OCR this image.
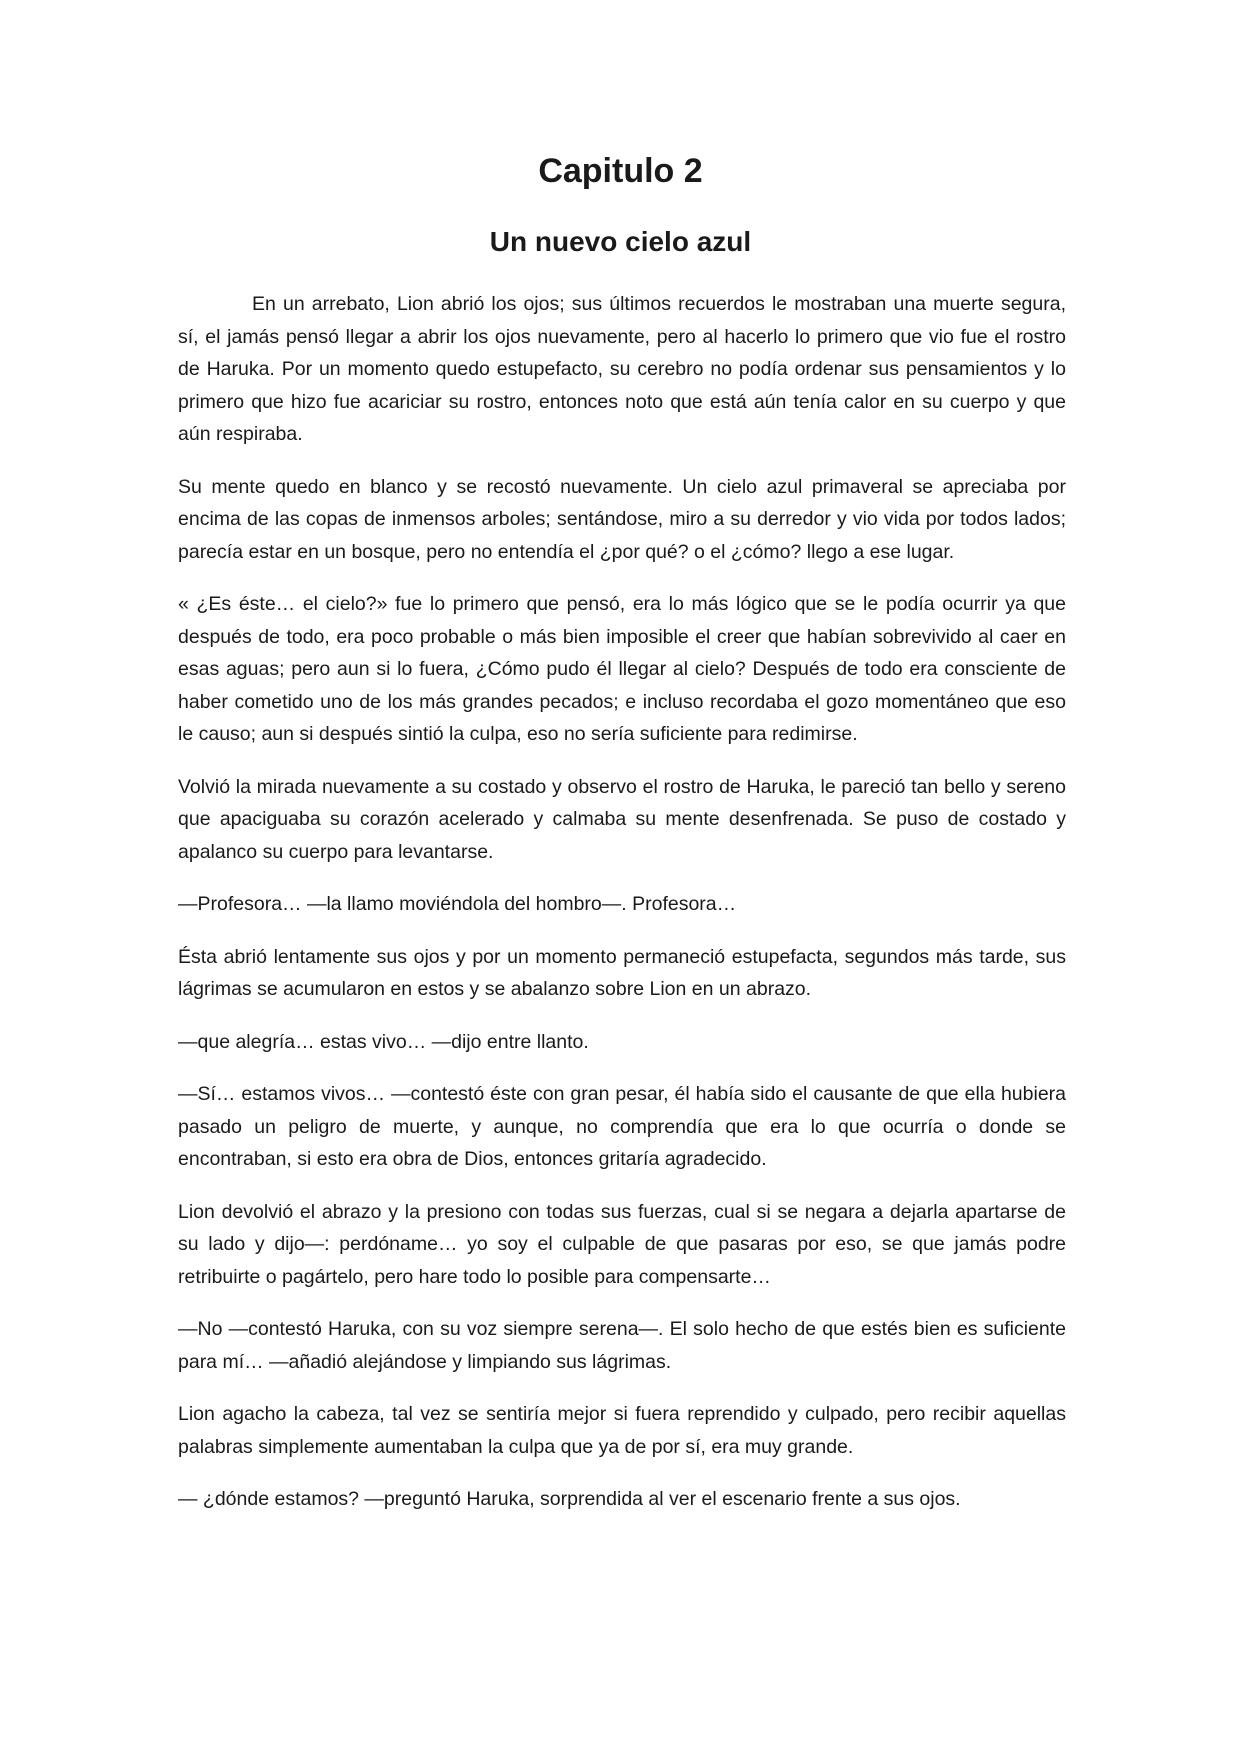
Capitulo 2
Un nuevo cielo azul

En un arrebato, Lion abrió los ojos; sus últimos recuerdos le mostraban una muerte segura, sí, el jamás pensó llegar a abrir los ojos nuevamente, pero al hacerlo lo primero que vio fue el rostro de Haruka. Por un momento quedo estupefacto, su cerebro no podía ordenar sus pensamientos y lo primero que hizo fue acariciar su rostro, entonces noto que está aún tenía calor en su cuerpo y que aún respiraba.

Su mente quedo en blanco y se recostó nuevamente. Un cielo azul primaveral se apreciaba por encima de las copas de inmensos arboles; sentándose, miro a su derredor y vio vida por todos lados; parecía estar en un bosque, pero no entendía el ¿por qué? o el ¿cómo? llego a ese lugar.

« ¿Es éste… el cielo?» fue lo primero que pensó, era lo más lógico que se le podía ocurrir ya que después de todo, era poco probable o más bien imposible el creer que habían sobrevivido al caer en esas aguas; pero aun si lo fuera, ¿Cómo pudo él llegar al cielo? Después de todo era consciente de haber cometido uno de los más grandes pecados; e incluso recordaba el gozo momentáneo que eso le causo; aun si después sintió la culpa, eso no sería suficiente para redimirse.

Volvió la mirada nuevamente a su costado y observo el rostro de Haruka, le pareció tan bello y sereno que apaciguaba su corazón acelerado y calmaba su mente desenfrenada. Se puso de costado y apalanco su cuerpo para levantarse.

—Profesora… —la llamo moviéndola del hombro—. Profesora…

Ésta abrió lentamente sus ojos y por un momento permaneció estupefacta, segundos más tarde, sus lágrimas se acumularon en estos y se abalanzo sobre Lion en un abrazo.

—que alegría… estas vivo… —dijo entre llanto.

—Sí… estamos vivos… —contestó éste con gran pesar, él había sido el causante de que ella hubiera pasado un peligro de muerte, y aunque, no comprendía que era lo que ocurría o donde se encontraban, si esto era obra de Dios, entonces gritaría agradecido.

Lion devolvió el abrazo y la presiono con todas sus fuerzas, cual si se negara a dejarla apartarse de su lado y dijo—: perdóname… yo soy el culpable de que pasaras por eso, se que jamás podre retribuirte o pagártelo, pero hare todo lo posible para compensarte…

—No —contestó Haruka, con su voz siempre serena—. El solo hecho de que estés bien es suficiente para mí… —añadió alejándose y limpiando sus lágrimas.

Lion agacho la cabeza, tal vez se sentiría mejor si fuera reprendido y culpado, pero recibir aquellas palabras simplemente aumentaban la culpa que ya de por sí, era muy grande.

— ¿dónde estamos? —preguntó Haruka, sorprendida al ver el escenario frente a sus ojos.
